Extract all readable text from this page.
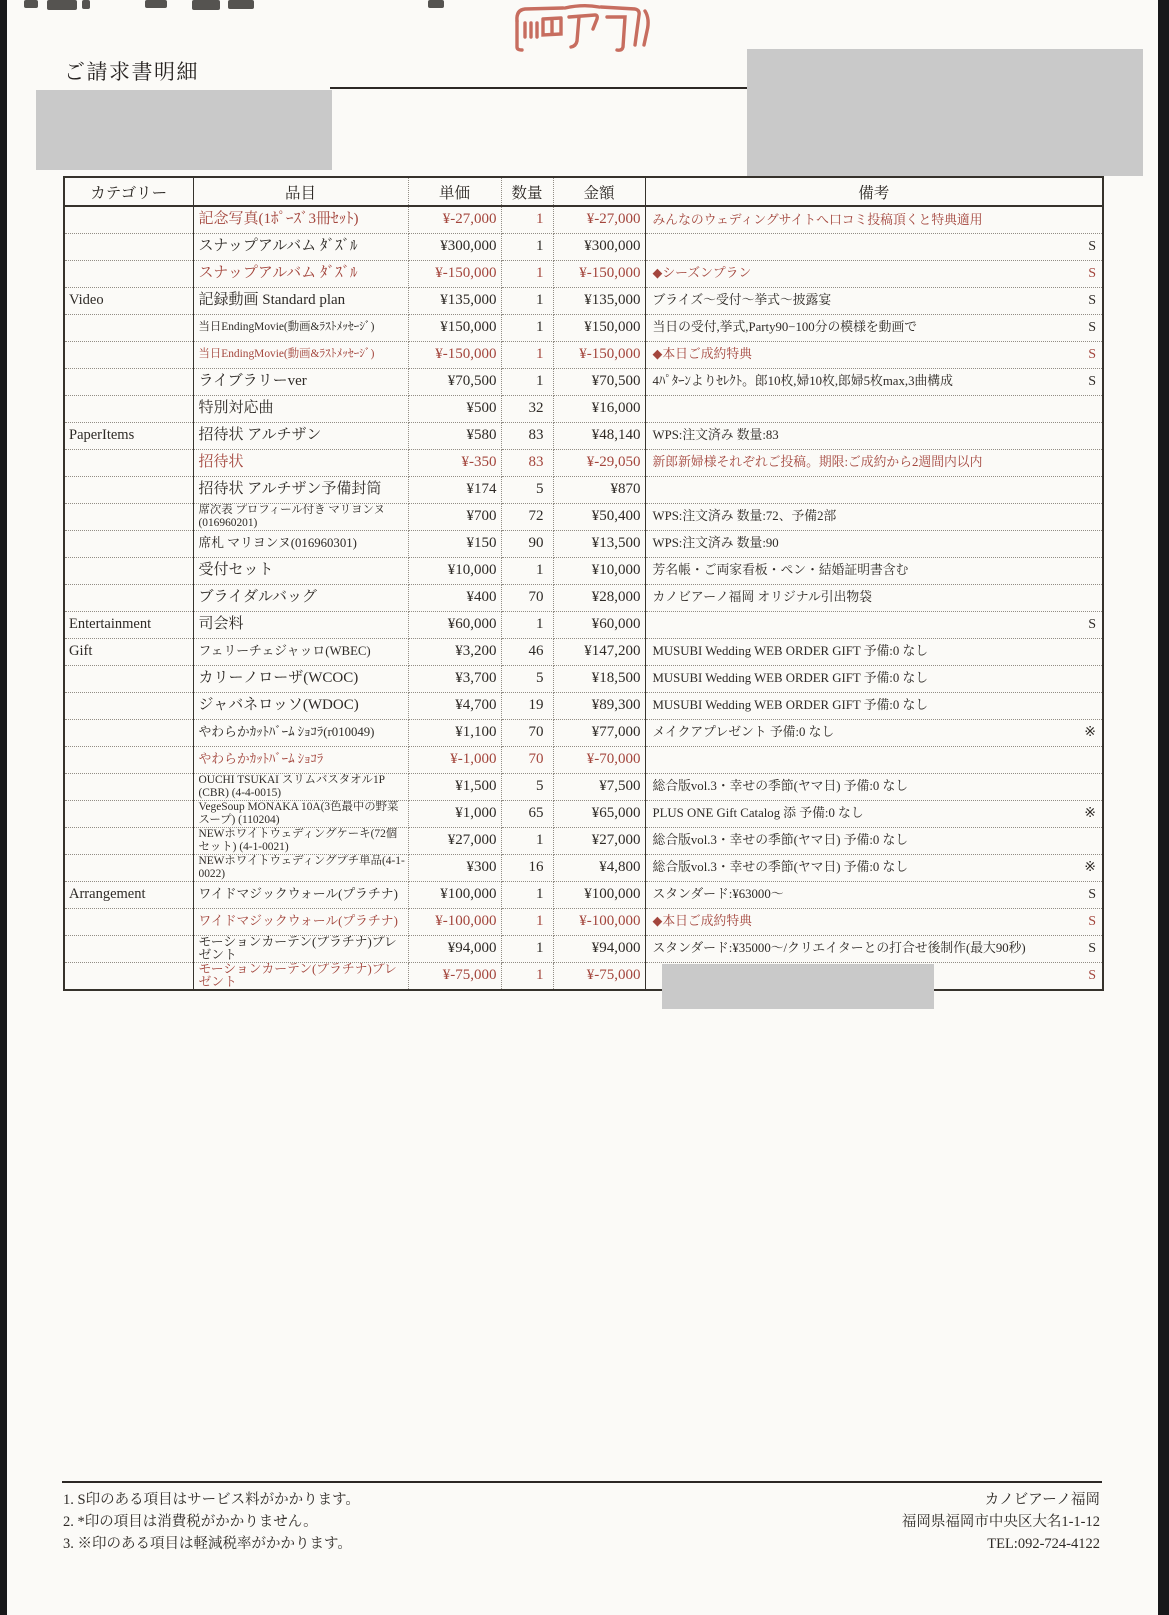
ご請求書明細
カテゴリー	品目	単価	数量	金額	備考
	記念写真(1ﾎﾟｰｽﾞ3冊ｾｯﾄ)	¥-27,000	1	¥-27,000	みんなのウェディングサイトへ口コミ投稿頂くと特典適用
	スナップアルバム ﾀﾞｽﾞﾙ	¥300,000	1	¥300,000	S

	スナップアルバム ﾀﾞｽﾞﾙ	¥-150,000	1	¥-150,000	◆シーズンプラン S

Video	記録動画 Standard plan	¥135,000	1	¥135,000	ブライズ〜受付〜挙式〜披露宴 S

	当日EndingMovie(動画&ﾗｽﾄﾒｯｾｰｼﾞ)	¥150,000	1	¥150,000	当日の受付,挙式,Party90−100分の模様を動画で S

	当日EndingMovie(動画&ﾗｽﾄﾒｯｾｰｼﾞ)	¥-150,000	1	¥-150,000	◆本日ご成約特典 S

	ライブラリーver	¥70,500	1	¥70,500	4ﾊﾟﾀｰﾝよりｾﾚｸﾄ。郎10枚,婦10枚,郎婦5枚max,3曲構成 S

	特別対応曲	¥500	32	¥16,000	
PaperItems	招待状 アルチザン	¥580	83	¥48,140	WPS:注文済み 数量:83
	招待状	¥-350	83	¥-29,050	新郎新婦様それぞれご投稿。期限:ご成約から2週間内以内
	招待状 アルチザン予備封筒	¥174	5	¥870	
	席次表 プロフィール付き マリヨンヌ(016960201)	¥700	72	¥50,400	WPS:注文済み 数量:72、予備2部
	席札 マリヨンヌ(016960301)	¥150	90	¥13,500	WPS:注文済み 数量:90
	受付セット	¥10,000	1	¥10,000	芳名帳・ご両家看板・ペン・結婚証明書含む
	ブライダルバッグ	¥400	70	¥28,000	カノビアーノ福岡 オリジナル引出物袋
Entertainment	司会料	¥60,000	1	¥60,000	S

Gift	フェリーチェジャッロ(WBEC)	¥3,200	46	¥147,200	MUSUBI Wedding WEB ORDER GIFT 予備:0 なし
	カリーノローザ(WCOC)	¥3,700	5	¥18,500	MUSUBI Wedding WEB ORDER GIFT 予備:0 なし
	ジャバネロッソ(WDOC)	¥4,700	19	¥89,300	MUSUBI Wedding WEB ORDER GIFT 予備:0 なし
	やわらかｶｯﾄﾊﾞｰﾑ ｼｮｺﾗ(r010049)	¥1,100	70	¥77,000	メイクアプレゼント 予備:0 なし ※

	やわらかｶｯﾄﾊﾞｰﾑ ｼｮｺﾗ	¥-1,000	70	¥-70,000	
	OUCHI TSUKAI スリムバスタオル1P (CBR) (4-4-0015)	¥1,500	5	¥7,500	総合版vol.3・幸せの季節(ヤマ日) 予備:0 なし
	VegeSoup MONAKA 10A(3色最中の野菜スープ) (110204)	¥1,000	65	¥65,000	PLUS ONE Gift Catalog 添 予備:0 なし ※

	NEWホワイトウェディングケーキ(72個セット) (4-1-0021)	¥27,000	1	¥27,000	総合版vol.3・幸せの季節(ヤマ日) 予備:0 なし
	NEWホワイトウェディングプチ単品(4-1-0022)	¥300	16	¥4,800	総合版vol.3・幸せの季節(ヤマ日) 予備:0 なし ※

Arrangement	ワイドマジックウォール(プラチナ)	¥100,000	1	¥100,000	スタンダード:¥63000〜 S

	ワイドマジックウォール(プラチナ)	¥-100,000	1	¥-100,000	◆本日ご成約特典 S

	モーションカーテン(プラチナ)プレゼント	¥94,000	1	¥94,000	スタンダード:¥35000〜/クリエイターとの打合せ後制作(最大90秒) S

	モーションカーテン(プラチナ)プレゼント	¥-75,000	1	¥-75,000	S
1. S印のある項目はサービス料がかかります。
2. *印の項目は消費税がかかりません。
3. ※印のある項目は軽減税率がかかります。
カノビアーノ福岡
福岡県福岡市中央区大名1-1-12
TEL:092-724-4122
